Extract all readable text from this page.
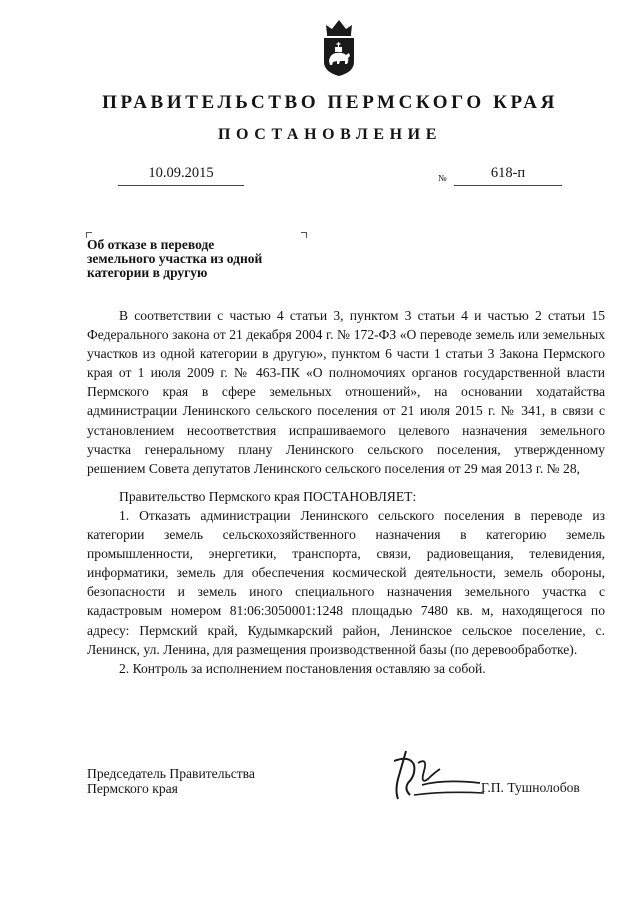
ПРАВИТЕЛЬСТВО ПЕРМСКОГО КРАЯ
ПОСТАНОВЛЕНИЕ
10.09.2015	№	618-п
Об отказе в переводе
земельного участка из одной
категории в другую

В соответствии с частью 4 статьи 3, пунктом 3 статьи 4 и частью 2 статьи 15 Федерального закона от 21 декабря 2004 г. № 172-ФЗ «О переводе земель или земельных участков из одной категории в другую», пунктом 6 части 1 статьи 3 Закона Пермского края от 1 июля 2009 г. № 463-ПК «О полномочиях органов государственной власти Пермского края в сфере земельных отношений», на основании ходатайства администрации Ленинского сельского поселения от 21 июля 2015 г. № 341, в связи с установлением несоответствия испрашиваемого целевого назначения земельного участка генеральному плану Ленинского сельского поселения, утвержденному решением Совета депутатов Ленинского сельского поселения от 29 мая 2013 г. № 28,

Правительство Пермского края ПОСТАНОВЛЯЕТ:

1. Отказать администрации Ленинского сельского поселения в переводе из категории земель сельскохозяйственного назначения в категорию земель промышленности, энергетики, транспорта, связи, радиовещания, телевидения, информатики, земель для обеспечения космической деятельности, земель обороны, безопасности и земель иного специального назначения земельного участка с кадастровым номером 81:06:3050001:1248 площадью 7480 кв. м, находящегося по адресу: Пермский край, Кудымкарский район, Ленинское сельское поселение, с. Ленинск, ул. Ленина, для размещения производственной базы (по деревообработке).

2. Контроль за исполнением постановления оставляю за собой.

Председатель Правительства
Пермского края	Г.П. Тушнолобов
